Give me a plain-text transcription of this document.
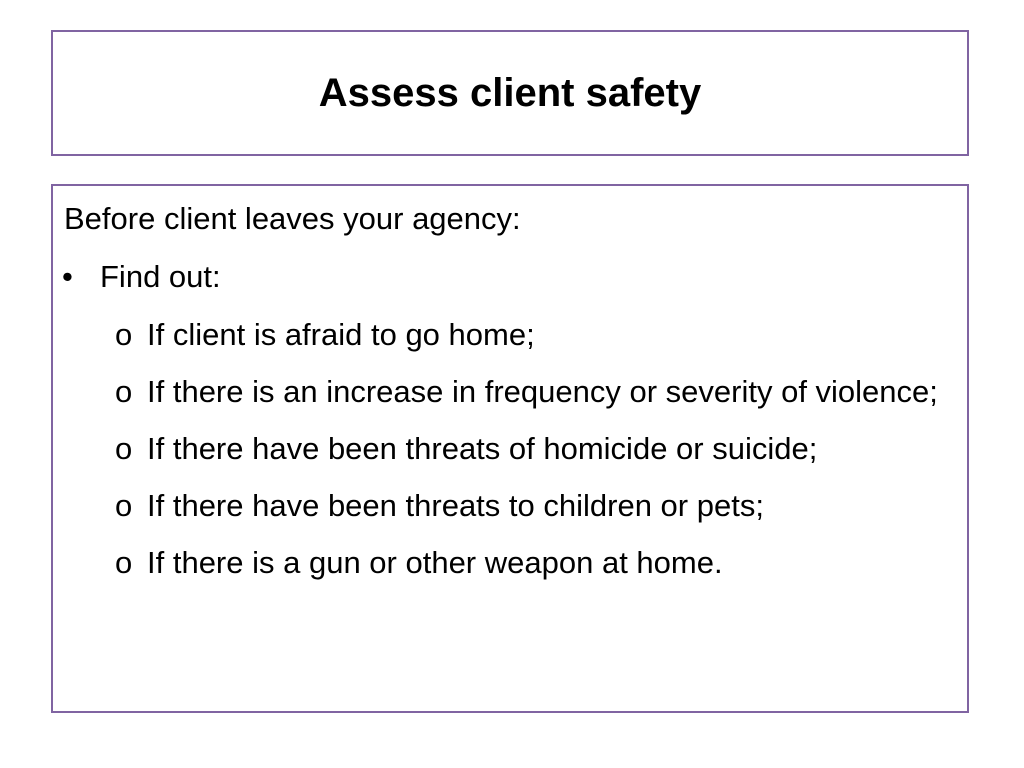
Assess client safety

Before client leaves your agency:

• Find out:
o If client is afraid to go home;
o If there is an increase in frequency or severity of violence;
o If there have been threats of homicide or suicide;
o If there have been threats to children or pets;
o If there is a gun or other weapon at home.
